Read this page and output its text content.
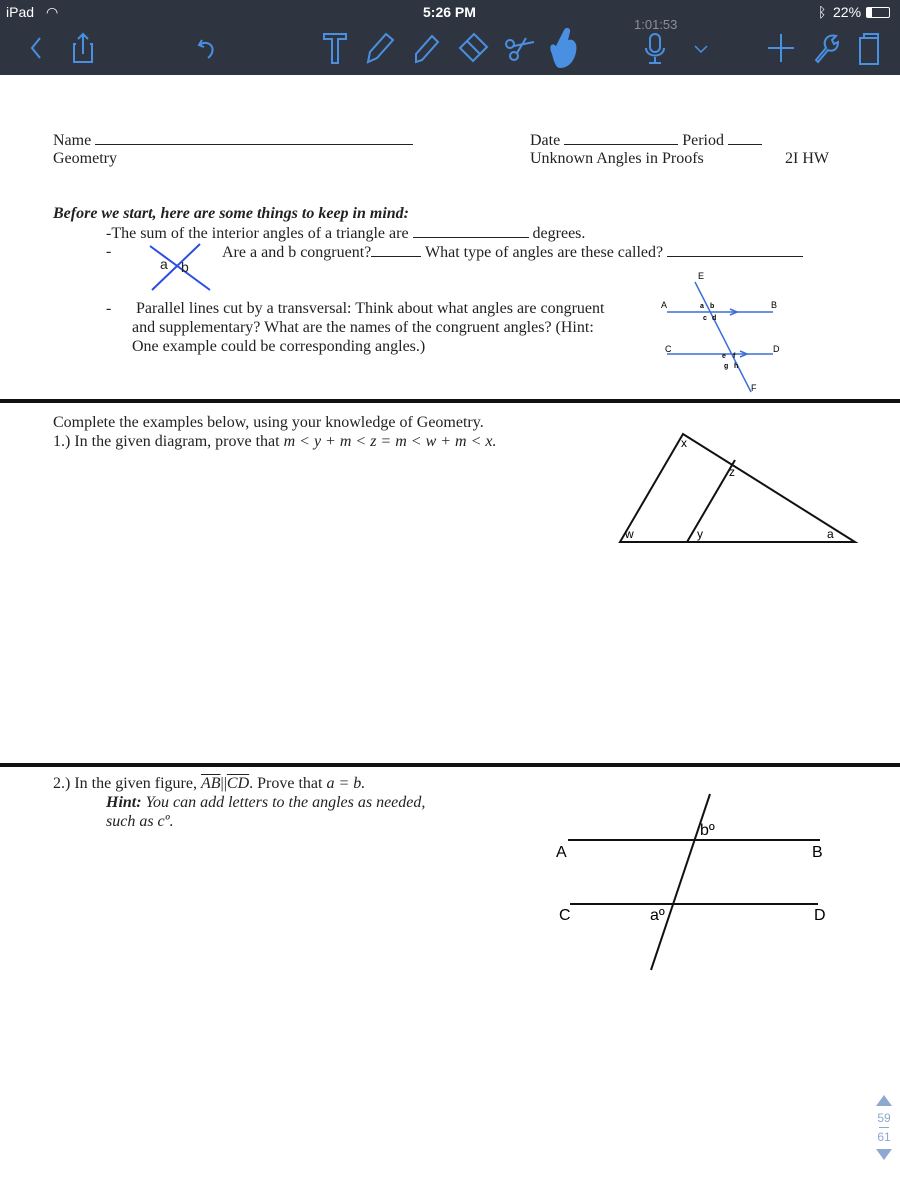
iPad ◠	5:26 PM	ᛒ 22%
1:01:53
Name	Date	Period
Geometry	Unknown Angles in Proofs	2I HW
Before we start, here are some things to keep in mind:
-The sum of the interior angles of a triangle are	degrees.
-	Are a and b congruent?	What type of angles are these called?
a b
- Parallel lines cut by a transversal: Think about what angles are congruent
and supplementary? What are the names of the congruent angles? (Hint:
One example could be corresponding angles.)
A	B
C	D
E
F
a b
c d
e f
g h
Complete the examples below, using your knowledge of Geometry.
1.) In the given diagram, prove that m < y + m < z = m < w + m < x.	x
z
w	y	a
2.) In the given figure, $\overline{AB}||\overline{CD}$. Prove that a = b.
Hint: You can add letters to the angles as needed,
such as cº.
A	B
C	D
bº
aº
59
61
